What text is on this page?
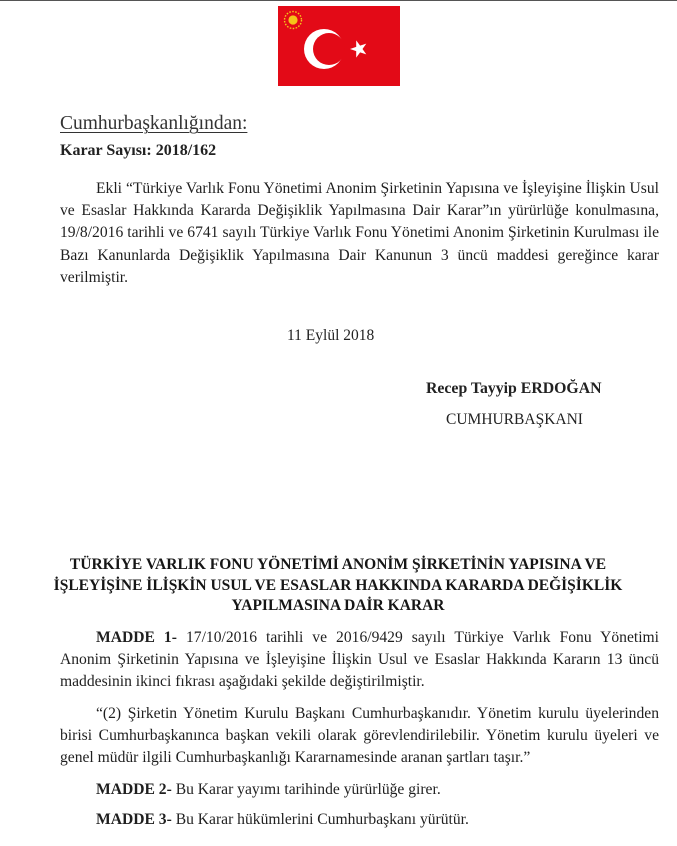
Cumhurbaşkanlığından:
Karar Sayısı: 2018/162

Ekli “Türkiye Varlık Fonu Yönetimi Anonim Şirketinin Yapısına ve İşleyişine İlişkin Usul ve Esaslar Hakkında Kararda Değişiklik Yapılmasına Dair Karar”ın yürürlüğe konulmasına, 19/8/2016 tarihli ve 6741 sayılı Türkiye Varlık Fonu Yönetimi Anonim Şirketinin Kurulması ile Bazı Kanunlarda Değişiklik Yapılmasına Dair Kanunun 3 üncü maddesi gereğince karar verilmiştir.

11 Eylül 2018
Recep Tayyip ERDOĞAN
CUMHURBAŞKANI
TÜRKİYE VARLIK FONU YÖNETİMİ ANONİM ŞİRKETİNİN YAPISINA VE İŞLEYİŞİNE İLİŞKİN USUL VE ESASLAR HAKKINDA KARARDA DEĞİŞİKLİK YAPILMASINA DAİR KARAR

MADDE 1- 17/10/2016 tarihli ve 2016/9429 sayılı Türkiye Varlık Fonu Yönetimi Anonim Şirketinin Yapısına ve İşleyişine İlişkin Usul ve Esaslar Hakkında Kararın 13 üncü maddesinin ikinci fıkrası aşağıdaki şekilde değiştirilmiştir.

“(2) Şirketin Yönetim Kurulu Başkanı Cumhurbaşkanıdır. Yönetim kurulu üyelerinden birisi Cumhurbaşkanınca başkan vekili olarak görevlendirilebilir. Yönetim kurulu üyeleri ve genel müdür ilgili Cumhurbaşkanlığı Kararnamesinde aranan şartları taşır.”

MADDE 2- Bu Karar yayımı tarihinde yürürlüğe girer.

MADDE 3- Bu Karar hükümlerini Cumhurbaşkanı yürütür.
